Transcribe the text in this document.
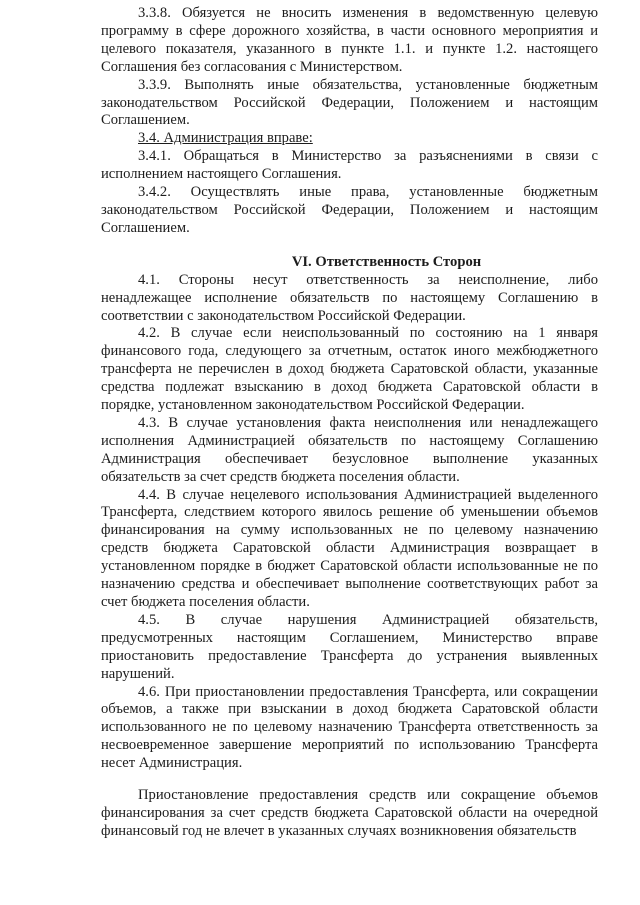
3.3.8. Обязуется не вносить изменения в ведомственную целевую программу в сфере дорожного хозяйства, в части основного мероприятия и целевого показателя, указанного в пункте 1.1. и пункте 1.2. настоящего Соглашения без согласования с Министерством.

3.3.9. Выполнять иные обязательства, установленные бюджетным законодательством Российской Федерации, Положением и настоящим Соглашением.

3.4. Администрация вправе:

3.4.1. Обращаться в Министерство за разъяснениями в связи с исполнением настоящего Соглашения.

3.4.2. Осуществлять иные права, установленные бюджетным законодательством Российской Федерации, Положением и настоящим Соглашением.

VI. Ответственность Сторон

4.1. Стороны несут ответственность за неисполнение, либо ненадлежащее исполнение обязательств по настоящему Соглашению в соответствии с законодательством Российской Федерации.

4.2. В случае если неиспользованный по состоянию на 1 января финансового года, следующего за отчетным, остаток иного межбюджетного трансферта не перечислен в доход бюджета Саратовской области, указанные средства подлежат взысканию в доход бюджета Саратовской области в порядке, установленном законодательством Российской Федерации.

4.3. В случае установления факта неисполнения или ненадлежащего исполнения Администрацией обязательств по настоящему Соглашению Администрация обеспечивает безусловное выполнение указанных обязательств за счет средств бюджета поселения области.

4.4. В случае нецелевого использования Администрацией выделенного Трансферта, следствием которого явилось решение об уменьшении объемов финансирования на сумму использованных не по целевому назначению средств бюджета Саратовской области Администрация возвращает в установленном порядке в бюджет Саратовской области использованные не по назначению средства и обеспечивает выполнение соответствующих работ за счет бюджета поселения области.

4.5. В случае нарушения Администрацией обязательств, предусмотренных настоящим Соглашением, Министерство вправе приостановить предоставление Трансферта до устранения выявленных нарушений.

4.6. При приостановлении предоставления Трансферта, или сокращении объемов, а также при взыскании в доход бюджета Саратовской области использованного не по целевому назначению Трансферта ответственность за несвоевременное завершение мероприятий по использованию Трансферта несет Администрация.

Приостановление предоставления средств или сокращение объемов финансирования за счет средств бюджета Саратовской области на очередной финансовый год не влечет в указанных случаях возникновения обязательств
